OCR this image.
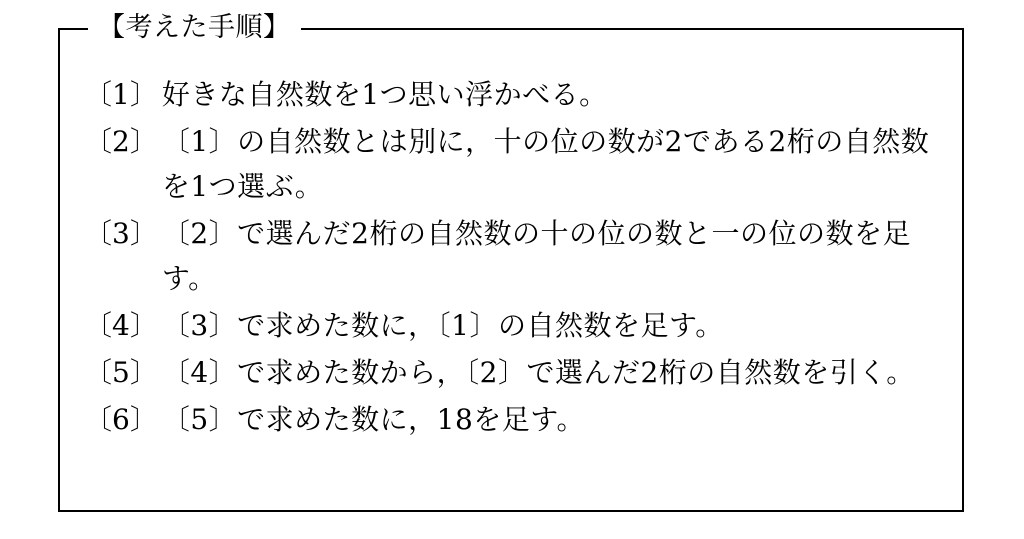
【考えた手順】
〔1〕 好きな自然数を1つ思い浮かべる。
〔2〕 〔1〕の自然数とは別に，十の位の数が2である2桁の自然数を1つ選ぶ。
〔3〕 〔2〕で選んだ2桁の自然数の十の位の数と一の位の数を足す。
〔4〕 〔3〕で求めた数に，〔1〕の自然数を足す。
〔5〕 〔4〕で求めた数から，〔2〕で選んだ2桁の自然数を引く。
〔6〕 〔5〕で求めた数に，18を足す。
